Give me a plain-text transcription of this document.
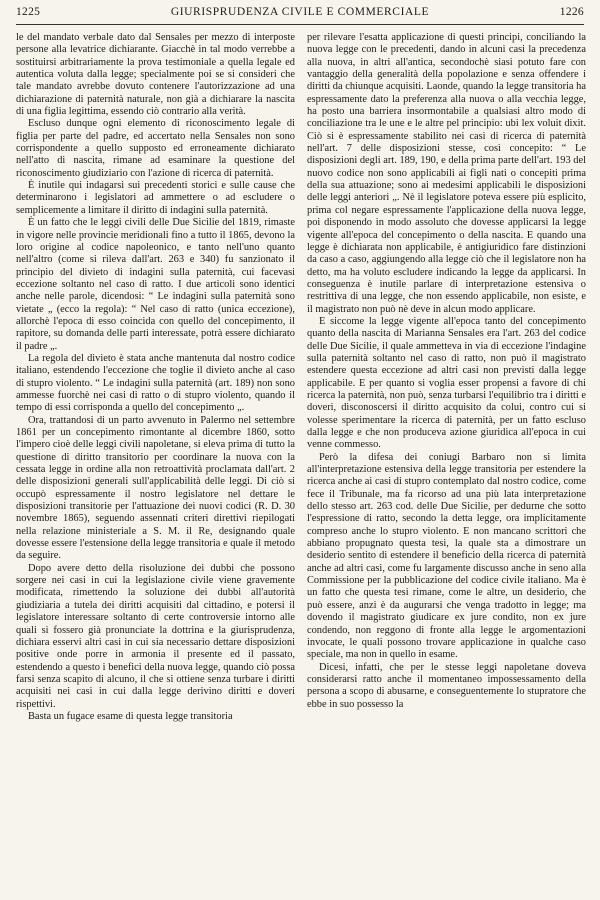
1225	GIURISPRUDENZA CIVILE E COMMERCIALE	1226

le del mandato verbale dato dal Sensales per mezzo di interposte persone alla levatrice dichiarante. Giacchè in tal modo verrebbe a sostituirsi arbitrariamente la prova testimoniale a quella legale ed autentica voluta dalla legge; specialmente poi se si consideri che tale mandato avrebbe dovuto contenere l'autorizzazione ad una dichiarazione di paternità naturale, non già a dichiarare la nascita di una figlia legittima, essendo ciò contrario alla verità.

Escluso dunque ogni elemento di riconoscimento legale di figlia per parte del padre, ed accertato nella Sensales non sono corrispondente a quello supposto ed erroneamente dichiarato nell'atto di nascita, rimane ad esaminare la questione del riconoscimento giudiziario con l'azione di ricerca di paternità.

È inutile qui indagarsi sui precedenti storici e sulle cause che determinarono i legislatori ad ammettere o ad escludere o semplicemente a limitare il diritto di indagini sulla paternità.

È un fatto che le leggi civili delle Due Sicilie del 1819, rimaste in vigore nelle provincie meridionali fino a tutto il 1865, devono la loro origine al codice napoleonico, e tanto nell'uno quanto nell'altro (come si rileva dall'art. 263 e 340) fu sanzionato il principio del divieto di indagini sulla paternità, cui facevasi eccezione soltanto nel caso di ratto. I due articoli sono identici anche nelle parole, dicendosi: “ Le indagini sulla paternità sono vietate „ (ecco la regola): “ Nel caso di ratto (unica eccezione), allorchè l'epoca di esso coincida con quello del concepimento, il rapitore, su domanda delle parti interessate, potrà essere dichiarato il padre „.

La regola del divieto è stata anche mantenuta dal nostro codice italiano, estendendo l'eccezione che toglie il divieto anche al caso di stupro violento. “ Le indagini sulla paternità (art. 189) non sono ammesse fuorchè nei casi di ratto o di stupro violento, quando il tempo di essi corrisponda a quello del concepimento „.

Ora, trattandosi di un parto avvenuto in Palermo nel settembre 1861 per un concepimento rimontante al dicembre 1860, sotto l'impero cioè delle leggi civili napoletane, si eleva prima di tutto la questione di diritto transitorio per coordinare la nuova con la cessata legge in ordine alla non retroattività proclamata dall'art. 2 delle disposizioni generali sull'applicabilità delle leggi. Di ciò si occupò espressamente il nostro legislatore nel dettare le disposizioni transitorie per l'attuazione dei nuovi codici (R. D. 30 novembre 1865), seguendo assennati criteri direttivi riepilogati nella relazione ministeriale a S. M. il Re, designando quale dovesse essere l'estensione della legge transitoria e quale il metodo da seguire.

Dopo avere detto della risoluzione dei dubbi che possono sorgere nei casi in cui la legislazione civile viene gravemente modificata, rimettendo la soluzione dei dubbi all'autorità giudiziaria a tutela dei diritti acquisiti dal cittadino, e potersi il legislatore interessare soltanto di certe controversie intorno alle quali si fossero già pronunciate la dottrina e la giurisprudenza, dichiara esservi altri casi in cui sia necessario dettare disposizioni positive onde porre in armonia il presente ed il passato, estendendo a questo i benefici della nuova legge, quando ciò possa farsi senza scapito di alcuno, il che si ottiene senza turbare i diritti acquisiti nei casi in cui dalla legge derivino diritti e doveri rispettivi.

Basta un fugace esame di questa legge transitoria

per rilevare l'esatta applicazione di questi principi, conciliando la nuova legge con le precedenti, dando in alcuni casi la precedenza alla nuova, in altri all'antica, secondochè siasi potuto fare con vantaggio della generalità della popolazione e senza offendere i diritti da chiunque acquisiti. Laonde, quando la legge transitoria ha espressamente dato la preferenza alla nuova o alla vecchia legge, ha posto una barriera insormontabile a qualsiasi altro modo di conciliazione tra le une e le altre pel principio: ubi lex voluit dixit. Ciò si è espressamente stabilito nei casi di ricerca di paternità nell'art. 7 delle disposizioni stesse, così concepito: “ Le disposizioni degli art. 189, 190, e della prima parte dell'art. 193 del nuovo codice non sono applicabili ai figli nati o concepiti prima della sua attuazione; sono ai medesimi applicabili le disposizioni delle leggi anteriori „. Nè il legislatore poteva essere più esplicito, prima col negare espressamente l'applicazione della nuova legge, poi disponendo in modo assoluto che dovesse applicarsi la legge vigente all'epoca del concepimento o della nascita. E quando una legge è dichiarata non applicabile, è antigiuridico fare distinzioni da caso a caso, aggiungendo alla legge ciò che il legislatore non ha detto, ma ha voluto escludere indicando la legge da applicarsi. In conseguenza è inutile parlare di interpretazione estensiva o restrittiva di una legge, che non essendo applicabile, non esiste, e il magistrato non può nè deve in alcun modo applicare.

E siccome la legge vigente all'epoca tanto del concepimento quanto della nascita di Marianna Sensales era l'art. 263 del codice delle Due Sicilie, il quale ammetteva in via di eccezione l'indagine sulla paternità soltanto nel caso di ratto, non può il magistrato estendere questa eccezione ad altri casi non previsti dalla legge applicabile. E per quanto si voglia esser propensi a favore di chi ricerca la paternità, non può, senza turbarsi l'equilibrio tra i diritti e doveri, disconoscersi il diritto acquisito da colui, contro cui si volesse sperimentare la ricerca di paternità, per un fatto escluso dalla legge e che non produceva azione giuridica all'epoca in cui venne commesso.

Però la difesa dei coniugi Barbaro non si limita all'interpretazione estensiva della legge transitoria per estendere la ricerca anche ai casi di stupro contemplato dal nostro codice, come fece il Tribunale, ma fa ricorso ad una più lata interpretazione dello stesso art. 263 cod. delle Due Sicilie, per dedurne che sotto l'espressione di ratto, secondo la detta legge, ora implicitamente compreso anche lo stupro violento. E non mancano scrittori che abbiano propugnato questa tesi, la quale sta a dimostrare un desiderio sentito di estendere il beneficio della ricerca di paternità anche ad altri casi, come fu largamente discusso anche in seno alla Commissione per la pubblicazione del codice civile italiano. Ma è un fatto che questa tesi rimane, come le altre, un desiderio, che può essere, anzi è da augurarsi che venga tradotto in legge; ma dovendo il magistrato giudicare ex jure condito, non ex jure condendo, non reggono di fronte alla legge le argomentazioni invocate, le quali possono trovare applicazione in qualche caso speciale, ma non in quello in esame.

Dicesi, infatti, che per le stesse leggi napoletane doveva considerarsi ratto anche il momentaneo impossessamento della persona a scopo di abusarne, e conseguentemente lo stupratore che ebbe in suo possesso la
